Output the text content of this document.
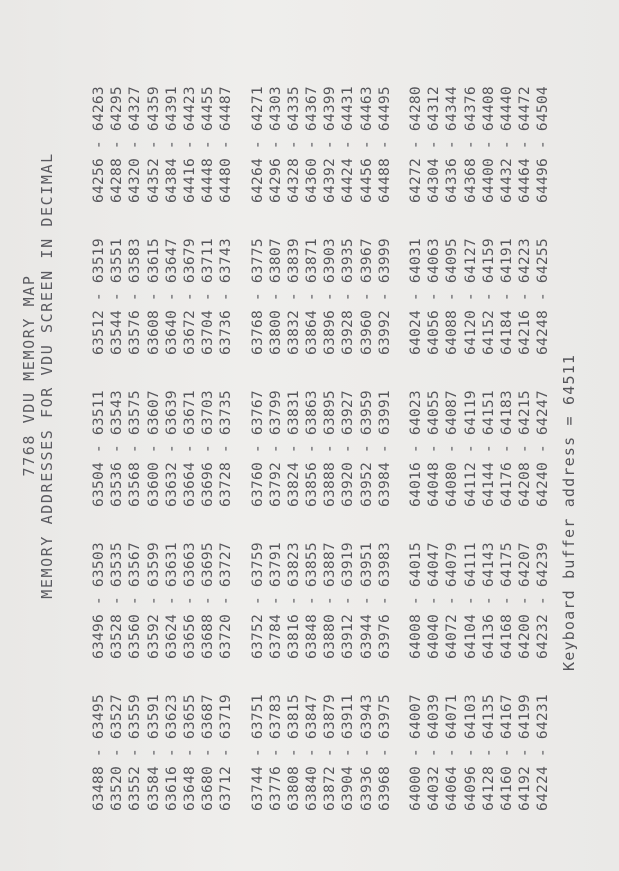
7768 VDU MEMORY MAP MEMORY ADDRESSES FOR VDU SCREEN IN DECIMAL
63488 - 6349563496 - 6350363504 - 6351163512 - 6351964256 - 64263
63520 - 6352763528 - 6353563536 - 6354363544 - 6355164288 - 64295
63552 - 6355963560 - 6356763568 - 6357563576 - 6358364320 - 64327
63584 - 6359163592 - 6359963600 - 6360763608 - 6361564352 - 64359
63616 - 6362363624 - 6363163632 - 6363963640 - 6364764384 - 64391
63648 - 6365563656 - 6366363664 - 6367163672 - 6367964416 - 64423
63680 - 6368763688 - 6369563696 - 6370363704 - 6371164448 - 64455
63712 - 6371963720 - 6372763728 - 6373563736 - 6374364480 - 64487
63744 - 6375163752 - 6375963760 - 6376763768 - 6377564264 - 64271
63776 - 6378363784 - 6379163792 - 6379963800 - 6380764296 - 64303
63808 - 6381563816 - 6382363824 - 6383163832 - 6383964328 - 64335
63840 - 6384763848 - 6385563856 - 6386363864 - 6387164360 - 64367
63872 - 6387963880 - 6388763888 - 6389563896 - 6390364392 - 64399
63904 - 6391163912 - 6391963920 - 6392763928 - 6393564424 - 64431
63936 - 6394363944 - 6395163952 - 6395963960 - 6396764456 - 64463
63968 - 6397563976 - 6398363984 - 6399163992 - 6399964488 - 64495
64000 - 6400764008 - 6401564016 - 6402364024 - 6403164272 - 64280
64032 - 6403964040 - 6404764048 - 6405564056 - 6406364304 - 64312
64064 - 6407164072 - 6407964080 - 6408764088 - 6409564336 - 64344
64096 - 6410364104 - 6411164112 - 6411964120 - 6412764368 - 64376
64128 - 6413564136 - 6414364144 - 6415164152 - 6415964400 - 64408
64160 - 6416764168 - 6417564176 - 6418364184 - 6419164432 - 64440
64192 - 6419964200 - 6420764208 - 6421564216 - 6422364464 - 64472
64224 - 6423164232 - 6423964240 - 6424764248 - 6425564496 - 64504
Keyboard buffer address = 64511
